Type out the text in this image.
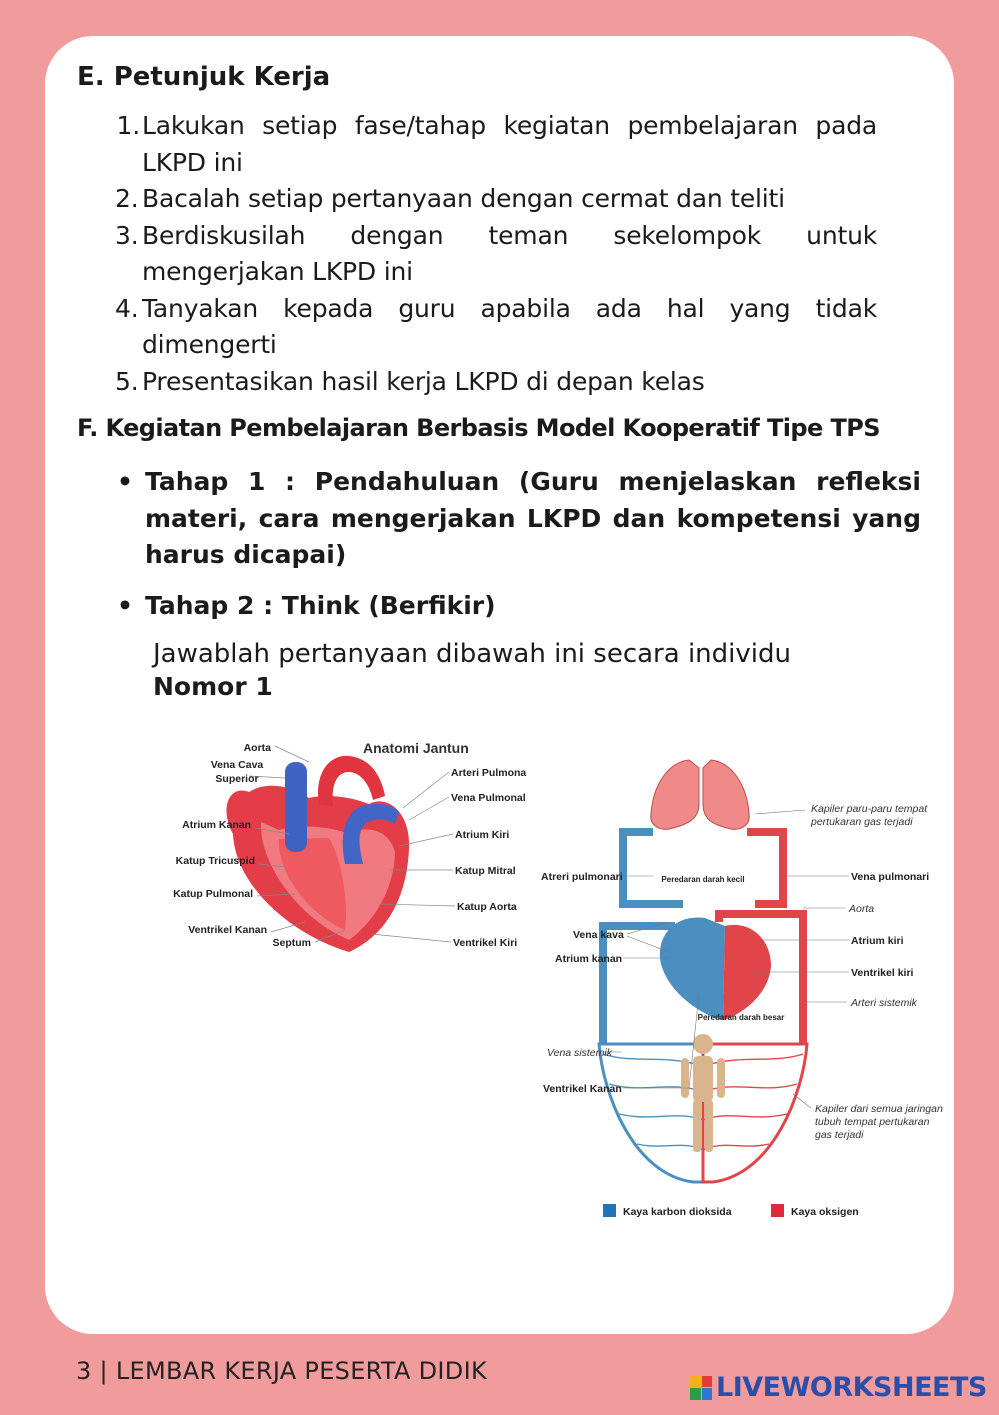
E. Petunjuk Kerja
1. Lakukan setiap fase/tahap kegiatan pembelajaran pada LKPD ini
2. Bacalah setiap pertanyaan dengan cermat dan teliti
3. Berdiskusilah dengan teman sekelompok untuk mengerjakan LKPD ini
4. Tanyakan kepada guru apabila ada hal yang tidak dimengerti
5. Presentasikan hasil kerja LKPD di depan kelas
F. Kegiatan Pembelajaran Berbasis Model Kooperatif Tipe TPS
• Tahap 1 : Pendahuluan (Guru menjelaskan refleksi materi, cara mengerjakan LKPD dan kompetensi yang harus dicapai)
• Tahap 2 : Think (Berfikir)
Jawablah pertanyaan dibawah ini secara individu
Nomor 1
Anatomi Jantun
Aorta
Vena Cava
Superior
Atrium Kanan
Katup Tricuspid
Katup Pulmonal
Ventrikel Kanan
Septum
Arteri Pulmona
Vena Pulmonal
Atrium Kiri
Katup Mitral
Katup Aorta
Ventrikel Kiri
Kapiler paru-paru tempat
pertukaran gas terjadi
Atreri pulmonari	Peredaran darah kecil	Vena pulmonari
Aorta
Vena kava
Atrium kanan
Atrium kiri
Ventrikel kiri
Arteri sistemik
Peredaran darah besar
Vena sistemik
Ventrikel Kanan
Kapiler dari semua jaringan
tubuh tempat pertukaran
gas terjadi
Kaya karbon dioksida	Kaya oksigen
3 | LEMBAR KERJA PESERTA DIDIK
LIVEWORKSHEETS
